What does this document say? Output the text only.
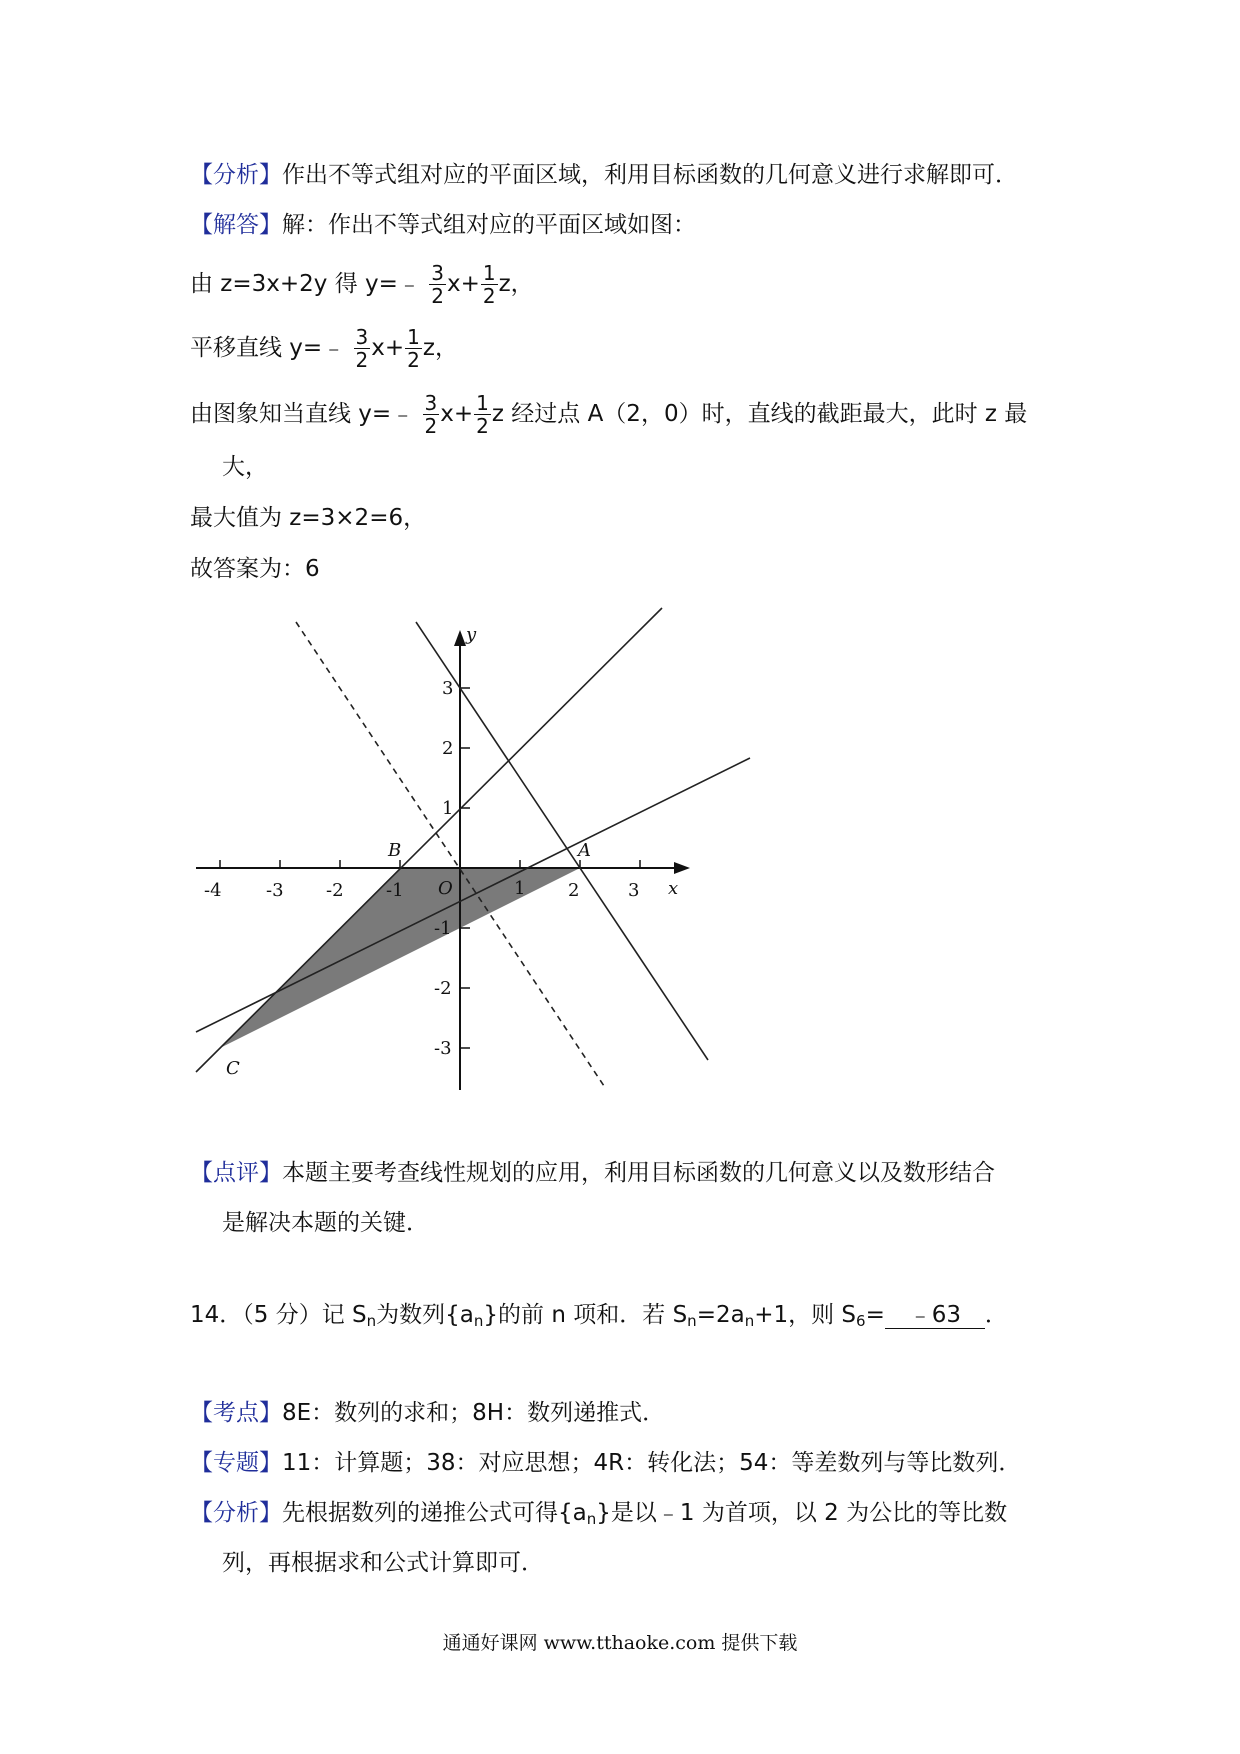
【分析】作出不等式组对应的平面区域，利用目标函数的几何意义进行求解即可．
【解答】解：作出不等式组对应的平面区域如图：
由 z=3x+2y 得 y=﹣ $\frac{3}{2} x+ \frac{1}{2}$ z，
平移直线 y=﹣ $\frac{3}{2} x+ \frac{1}{2}$ z，
由图象知当直线 y=﹣ $\frac{3}{2} x+ \frac{1}{2}$ z 经过点 A（2，0）时，直线的截距最大，此时 z 最
大，
最大值为 z=3×2=6，
故答案为：6
-4 -3 -2 -1	1 2	3
3
2
1
-1
-2
-3
O	x
y
B	A
C
【点评】本题主要考查线性规划的应用，利用目标函数的几何意义以及数形结合
是解决本题的关键．
14．（5 分）记 $S_n$为数列$\{a_n\}$的前 n 项和．若 $S_n=2a_n+1$，则 $S_6=$ ﹣63 ．
【考点】8E：数列的求和；8H：数列递推式．
【专题】11：计算题；38：对应思想；4R：转化法；54：等差数列与等比数列．
【分析】先根据数列的递推公式可得$\{a_n\}$是以﹣1 为首项，以 2 为公比的等比数
列，再根据求和公式计算即可．
通通好课网 www.tthaoke.com 提供下载
